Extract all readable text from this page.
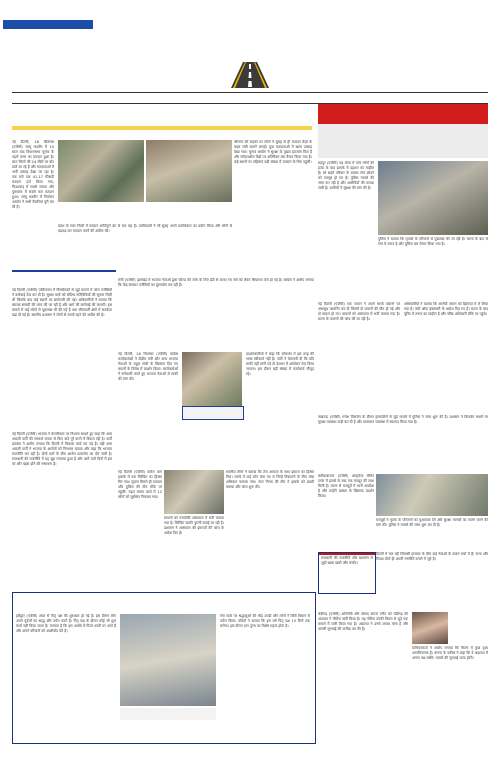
नई दिल्ली, 18 सितम्बर (एजेंसी) जम्मू कश्मीर में 10 साल बाद विधानसभा चुनाव के पहले चरण का मतदान हुआ है। सात जिलों की 24 सीटों पर वोट डाले जा रहे हैं और मतदाताओं में भारी उत्साह देखा जा रहा है। एक बजे तक 41.17 फीसदी मतदान दर्ज किया गया, किश्तवाड़ में सबसे ज्यादा और पुलवामा में सबसे कम मतदान हुआ। जम्मू कश्मीर में निर्वाचन आयोग ने सभी तैयारियां पूरी कर ली हैं।
श्रीनगर की सड़कों पर लोगों ने सुबह से ही मतदान केंद्रों के बाहर लंबी कतारें लगाईं। युवा मतदाताओं में खास उत्साह देखा गया। चुनाव आयोग ने सुरक्षा के पुख्ता इंतजाम किए हैं और संवेदनशील केंद्रों पर अतिरिक्त बल तैनात किया गया है। कई स्थानों पर महिलाएं बड़ी संख्या में मतदान के लिए पहुंचीं।
प्रदेश के सात जिलों में मतदान शांतिपूर्ण ढंग से चल रहा है। उम्मीदवारों ने भी सुबह अपने मताधिकार का प्रयोग किया और लोगों से बढ़चढ़ कर मतदान करने की अपील की।
रुद्रपुर (एजेंसी) रुद्र टोला में पांच लोगों की हत्या के बाद इलाके में दहशत का माहौल है। डरे सहमे परिवार के सदस्य गांव छोड़ने को मजबूर हो गए हैं। पुलिस मामले की जांच कर रही है और आरोपियों की तलाश जारी है। ग्रामीणों ने सुरक्षा की मांग की है।
पुलिस ने बताया कि मृतकों के परिजनों से पूछताछ की जा रही है। घटना के बाद से गांव में तनाव है और पुलिस बल तैनात किया गया है।
नई दिल्ली (एजेंसी) पाकिस्तान में विस्फोटकों से जुड़े मामले में जांच एजेंसियों ने कार्रवाई तेज कर दी है। सुरक्षा बलों को संदिग्ध गतिविधियों की सूचना मिली थी जिसके बाद कई स्थानों पर छापेमारी की गई। अधिकारियों ने बताया कि बरामद सामग्री की जांच की जा रही है और आगे की कार्रवाई की जाएगी। इस मामले में कई लोगों से पूछताछ भी की गई है तथा सीमावर्ती क्षेत्रों में सतर्कता बढ़ा दी गई है। स्थानीय प्रशासन ने लोगों से सतर्क रहने की अपील की है।
रांची (एजेंसी) झारखंड में भाजपा नेताओं द्वारा फील्ड की जांच के लिए ईडी से कराए गए सर्वे को लेकर सियासत तेज हो गई है। कांग्रेस ने आरोप लगाया कि केंद्र सरकार एजेंसियों का दुरुपयोग कर रही है।
नई दिल्ली, 18 सितम्बर (एजेंसी) कांग्रेस कार्यकर्ताओं ने केंद्रीय मंत्री और अन्य भाजपा नेताओं के राहुल गांधी के खिलाफ दिए गए बयानों के विरोध में प्रदर्शन किया। कार्यकर्ताओं ने नारेबाजी करते हुए भाजपा नेताओं से माफी की मांग की।
प्रदर्शनकारियों ने कहा कि लोकतंत्र में इस तरह की भाषा स्वीकार्य नहीं है। पार्टी ने चेतावनी दी कि यदि माफी नहीं मांगी गई तो देशभर में आंदोलन तेज किया जाएगा। इस दौरान बड़ी संख्या में कार्यकर्ता मौजूद रहे।
नई दिल्ली (एजेंसी) एक जवान ने अपने साथी जवानों पर अंधाधुंध फायरिंग कर दी जिसमें दो जवानों की मौत हो गई और दो घायल हो गए। घायलों को अस्पताल में भर्ती कराया गया है। घटना के कारणों की जांच की जा रही है।
अधिकारियों ने बताया कि आरोपी जवान को हिरासत में ले लिया गया है। कोर्ट ऑफ इंक्वायरी के आदेश दिए गए हैं। घटना के बाद यूनिट में तनाव का माहौल है और वरिष्ठ अधिकारी मौके पर पहुंचे।
लखनऊ (एजेंसी) गणेश विसर्जन के दौरान ट्रांसपोर्टरों से जुड़े मामले में पुलिस ने जांच शुरू की है। प्रशासन ने विसर्जन स्थलों पर सुरक्षा व्यवस्था कड़ी कर दी है और यातायात व्यवस्था में बदलाव किया गया है।
नई दिल्ली (एजेंसी) भाजपा ने केजरीवाल पर निशाना साधते हुए कहा कि आम आदमी पार्टी की सरकार जनता से किए वादे पूरे करने में विफल रही है। पार्टी प्रवक्ता ने आरोप लगाया कि दिल्ली में विकास कार्य ठप पड़े हैं। वहीं आम आदमी पार्टी ने भाजपा के आरोपों को निराधार बताया और कहा कि भाजपा राजनीति कर रही है। दोनों दलों के बीच आरोप प्रत्यारोप का दौर जारी है। राजधानी की राजनीति में यह मुद्दा गरमाया हुआ है और आने वाले दिनों में इस पर और बहस होने की संभावना है।
नई दिल्ली (एजेंसी) करोल बाग इलाके में एक बिल्डिंग का हिस्सा गिर गया। सूचना मिलते ही दमकल और पुलिस की टीम मौके पर पहुंची। राहत बचाव कार्य में 12 लोगों को सुरक्षित निकाला गया।
घायलों को नजदीकी अस्पताल में भर्ती कराया गया है। बिल्डिंग काफी पुरानी बताई जा रही है। प्रशासन ने आसपास की इमारतों की जांच के आदेश दिए हैं।
स्थानीय लोगों ने बताया कि तेज आवाज के साथ इमारत का हिस्सा गिरा। मलबे में कई लोग फंस गए थे जिन्हें निकालने के लिए लंबा अभियान चलाया गया। नगर निगम की टीम ने इलाके को खाली कराया और जांच शुरू की।
बलौदाबाजार (एजेंसी) अल्ट्राटेक सीमेंट प्लांट में हादसे के बाद एक मजदूर की लाश मिली है। घटना से मजदूरों में भारी आक्रोश है और उन्होंने प्रबंधन के खिलाफ प्रदर्शन किया।
मजदूरों ने मृतक के परिजनों को मुआवजा देने और सुरक्षा मानकों का पालन करने की मांग की। पुलिस ने मामले की जांच शुरू कर दी है।
राजधानी की राजनीति और प्रशासन से जुड़ी खास खबरें और चर्चाएं।
दिल्ली में चल रही सियासी हलचल के बीच कई नेताओं के बयान चर्चा में हैं। सत्ता और विपक्ष दोनों ही अपनी रणनीति बनाने में जुटे हैं।
हरिद्वार (एजेंसी) आज से पितृ पक्ष की शुरुआत हो गई है। इस दौरान लोग अपने पूर्वजों का श्राद्ध और तर्पण करते हैं। पितृ पक्ष के दौरान कोई भी शुभ कार्य नहीं किया जाता है। मान्यता है कि इस अवधि में पितर धरती पर आते हैं और अपने परिजनों को आशीर्वाद देते हैं।
गंगा घाटों पर श्रद्धालुओं की भीड़ उमड़ी और लोगों ने विधि विधान से तर्पण किया। पंडितों ने बताया कि इस वर्ष पितृ पक्ष 15 दिनों तक चलेगा। इस दौरान दान पुण्य का विशेष महत्व होता है।
चंडीगढ़ (एजेंसी) अभिनेत्री और सांसद कंगना रनौत को चंडीगढ़ की अदालत ने नोटिस जारी किया है। यह नोटिस उनकी फिल्म से जुड़े एक मामले में जारी किया गया है। अदालत ने उनसे जवाब मांगा है और अगली सुनवाई की तारीख तय की है।
याचिकाकर्ता ने आरोप लगाया कि फिल्म में कुछ दृश्य आपत्तिजनक हैं। कंगना के वकील ने कहा कि वे अदालत में अपना पक्ष रखेंगे। मामले की सुनवाई जल्द होगी।
